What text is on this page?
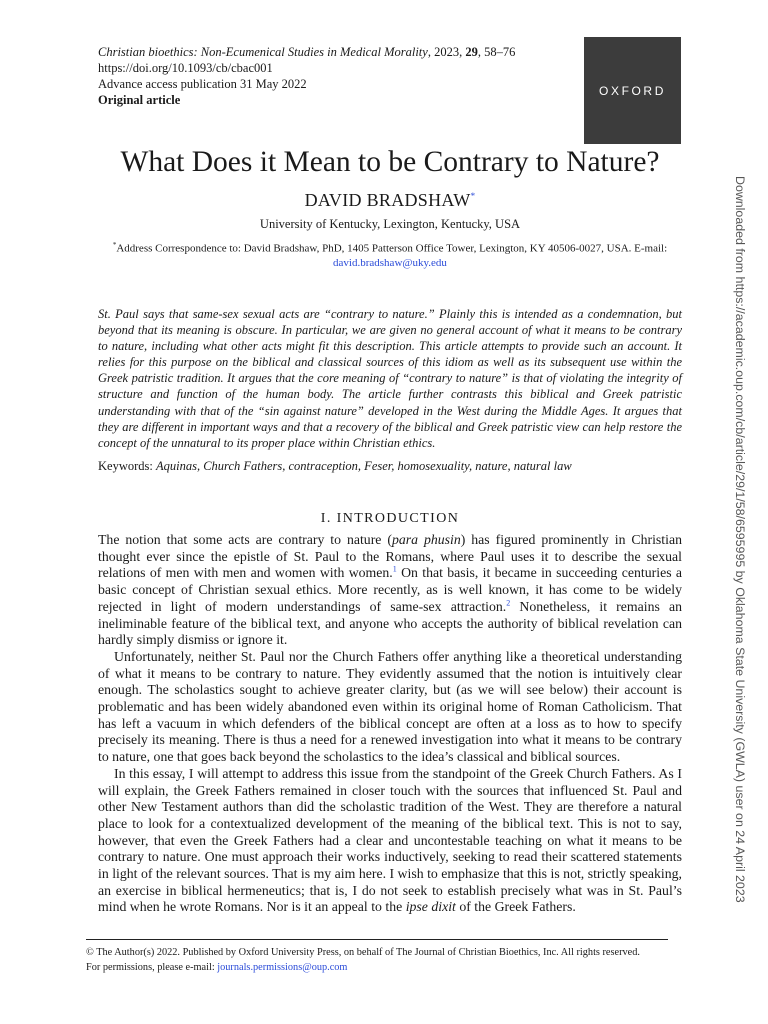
Christian bioethics: Non-Ecumenical Studies in Medical Morality, 2023, 29, 58–76
https://doi.org/10.1093/cb/cbac001
Advance access publication 31 May 2022
Original article
OXFORD
What Does it Mean to be Contrary to Nature?
DAVID BRADSHAW*
University of Kentucky, Lexington, Kentucky, USA
*Address Correspondence to: David Bradshaw, PhD, 1405 Patterson Office Tower, Lexington, KY 40506-0027, USA. E-mail:
david.bradshaw@uky.edu

St. Paul says that same-sex sexual acts are “contrary to nature.” Plainly this is intended as a condemnation, but beyond that its meaning is obscure. In particular, we are given no general account of what it means to be contrary to nature, including what other acts might fit this description. This article attempts to provide such an account. It relies for this purpose on the biblical and classical sources of this idiom as well as its subsequent use within the Greek patristic tradition. It argues that the core meaning of “contrary to nature” is that of violating the integrity of structure and function of the human body. The article further contrasts this biblical and Greek patristic understanding with that of the “sin against nature” developed in the West during the Middle Ages. It argues that they are different in important ways and that a recovery of the biblical and Greek patristic view can help restore the concept of the unnatural to its proper place within Christian ethics.

Keywords: Aquinas, Church Fathers, contraception, Feser, homosexuality, nature, natural law
I. INTRODUCTION

The notion that some acts are contrary to nature (para phusin) has figured prominently in Christian thought ever since the epistle of St. Paul to the Romans, where Paul uses it to describe the sexual relations of men with men and women with women.$^1$ On that basis, it became in succeeding centuries a basic concept of Christian sexual ethics. More recently, as is well known, it has come to be widely rejected in light of modern understandings of same-sex attraction.$^2$ Nonetheless, it remains an ineliminable feature of the biblical text, and anyone who accepts the authority of biblical revelation can hardly simply dismiss or ignore it.

Unfortunately, neither St. Paul nor the Church Fathers offer anything like a theoretical understanding of what it means to be contrary to nature. They evidently assumed that the notion is intuitively clear enough. The scholastics sought to achieve greater clarity, but (as we will see below) their account is problematic and has been widely abandoned even within its original home of Roman Catholicism. That has left a vacuum in which defenders of the biblical concept are often at a loss as to how to specify precisely its meaning. There is thus a need for a renewed investigation into what it means to be contrary to nature, one that goes back beyond the scholastics to the idea’s classical and biblical sources.

In this essay, I will attempt to address this issue from the standpoint of the Greek Church Fathers. As I will explain, the Greek Fathers remained in closer touch with the sources that influenced St. Paul and other New Testament authors than did the scholastic tradition of the West. They are therefore a natural place to look for a contextualized development of the meaning of the biblical text. This is not to say, however, that even the Greek Fathers had a clear and uncontestable teaching on what it means to be contrary to nature. One must approach their works inductively, seeking to read their scattered statements in light of the relevant sources. That is my aim here. I wish to emphasize that this is not, strictly speaking, an exercise in biblical hermeneutics; that is, I do not seek to establish precisely what was in St. Paul’s mind when he wrote Romans. Nor is it an appeal to the ipse dixit of the Greek Fathers.

© The Author(s) 2022. Published by Oxford University Press, on behalf of The Journal of Christian Bioethics, Inc. All rights reserved.
For permissions, please e-mail: journals.permissions@oup.com
Downloaded from https://academic.oup.com/cb/article/29/1/58/6595995 by Oklahoma State University (GWLA) user on 24 April 2023
